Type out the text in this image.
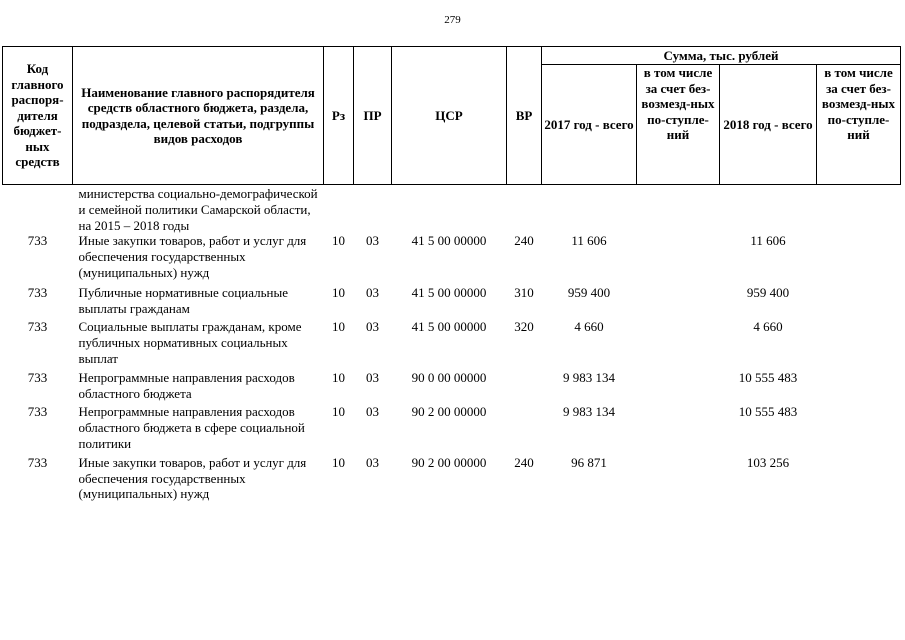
279
Код главного распоря-дителя бюджет-ных средств	Наименование главного распорядителя средств областного бюджета, раздела, подраздела, целевой статьи, подгруппы видов расходов	Рз	ПР	ЦСР	ВР	Сумма, тыс. рублей			
						2017 год - всего	в том числе за счет без-возмезд-ных по-ступле-ний	2018 год - всего	в том числе за счет без-возмезд-ных по-ступле-ний
	министерства социально-демографической и семейной политики Самарской области, на 2015 – 2018 годы								
733	Иные закупки товаров, работ и услуг для обеспечения государственных (муниципальных) нужд	10	03	41 5 00 00000	240	11 606		11 606	
733	Публичные нормативные социальные выплаты гражданам	10	03	41 5 00 00000	310	959 400		959 400	
733	Социальные выплаты гражданам, кроме публичных нормативных социальных выплат	10	03	41 5 00 00000	320	4 660		4 660	
733	Непрограммные направления расходов областного бюджета	10	03	90 0 00 00000		9 983 134		10 555 483	
733	Непрограммные направления расходов областного бюджета в сфере социальной политики	10	03	90 2 00 00000		9 983 134		10 555 483	
733	Иные закупки товаров, работ и услуг для обеспечения государственных (муниципальных) нужд	10	03	90 2 00 00000	240	96 871		103 256	
